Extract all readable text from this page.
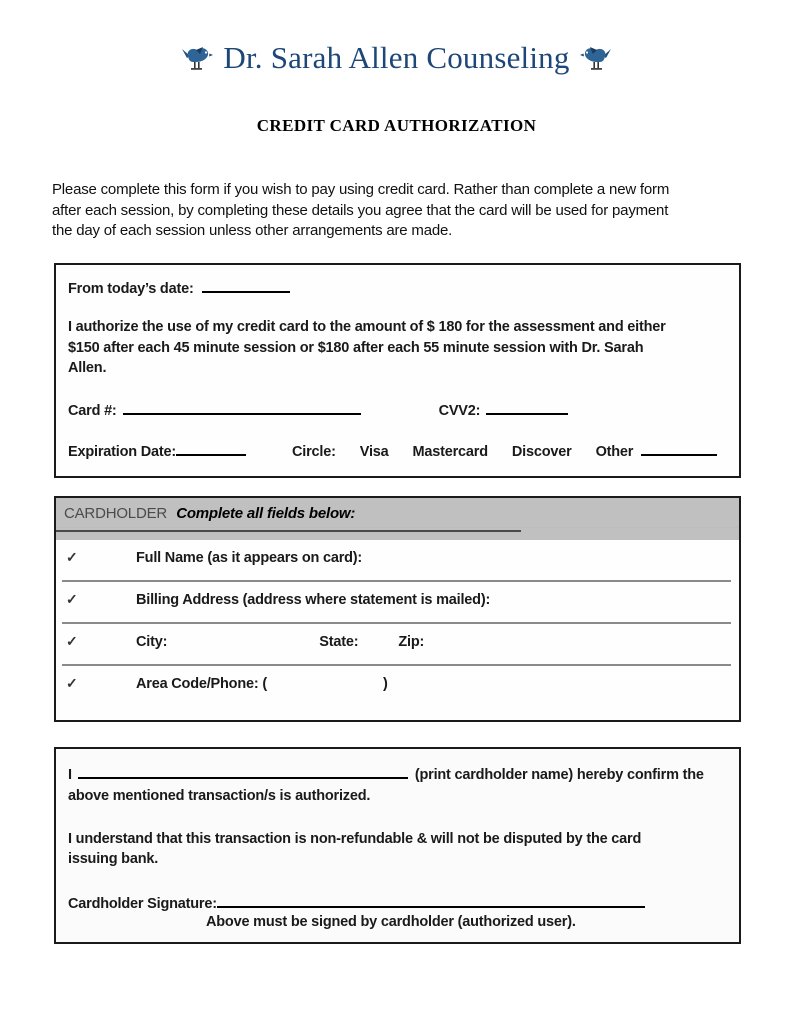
Dr. Sarah Allen Counseling
CREDIT CARD AUTHORIZATION

Please complete this form if you wish to pay using credit card. Rather than complete a new form
after each session, by completing these details you agree that the card will be used for payment
the day of each session unless other arrangements are made.

From today’s date:

I authorize the use of my credit card to the amount of $ 180 for the assessment and either
$150 after each 45 minute session or $180 after each 55 minute session with Dr. Sarah
Allen.

Card #:	CVV2:
Expiration Date:	Circle: Visa Mastercard Discover Other
CARDHOLDER Complete all fields below:
✓	Full Name (as it appears on card):
✓	Billing Address (address where statement is mailed):
✓	City:	State:	Zip:
✓	Area Code/Phone: (	)

I	(print cardholder name) hereby confirm the above mentioned transaction/s is authorized.

I understand that this transaction is non-refundable & will not be disputed by the card
issuing bank.

Cardholder Signature:
Above must be signed by cardholder (authorized user).
